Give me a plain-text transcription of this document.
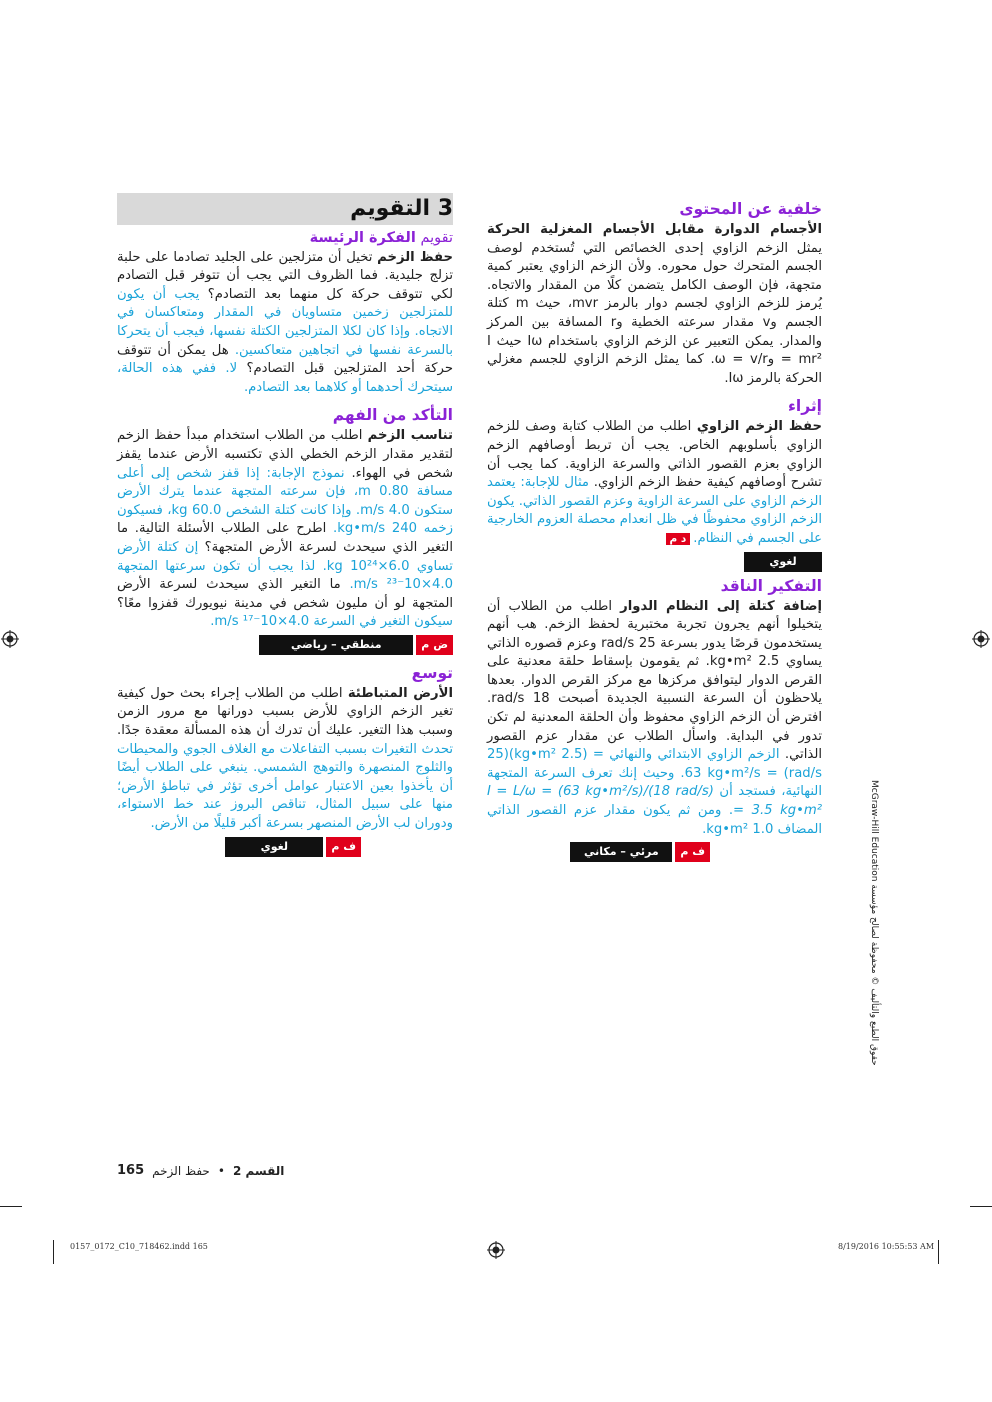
خلفية عن المحتوى

الأجسام الدوارة مقابل الأجسام المغزلية الحركة يمثل الزخم الزاوي إحدى الخصائص التي تُستخدم لوصف الجسم المتحرك حول محوره. ولأن الزخم الزاوي يعتبر كمية متجهة، فإن الوصف الكامل يتضمن كلًا من المقدار والاتجاه. يُرمز للزخم الزاوي لجسم دوار بالرمز mvr، حيث m كتلة الجسم وv مقدار سرعته الخطية وr المسافة بين المركز والمدار. يمكن التعبير عن الزخم الزاوي باستخدام Iω حيث I = mr² وω = v/r. كما يمثل الزخم الزاوي للجسم مغزلي الحركة بالرمز Iω.

إثراء

حفظ الزخم الزاوي اطلب من الطلاب كتابة وصف للزخم الزاوي بأسلوبهم الخاص. يجب أن تربط أوصافهم الزخم الزاوي بعزم القصور الذاتي والسرعة الزاوية. كما يجب أن تشرح أوصافهم كيفية حفظ الزخم الزاوي. مثال للإجابة: يعتمد الزخم الزاوي على السرعة الزاوية وعزم القصور الذاتي. يكون الزخم الزاوي محفوظًا في ظل انعدام محصلة العزوم الخارجية على الجسم في النظام.د م

لغوي
التفكير الناقد

إضافة كتلة إلى النظام الدوار اطلب من الطلاب أن يتخيلوا أنهم يجرون تجربة مختبرية لحفظ الزخم. هب أنهم يستخدمون قرصًا يدور بسرعة 25 rad/s وعزم قصوره الذاتي يساوي 2.5 kg•m². ثم يقومون بإسقاط حلقة معدنية على القرص الدوار ليتوافق مركزها مع مركز القرص الدوار. بعدها يلاحظون أن السرعة النسبية الجديدة أصبحت 18 rad/s. افترض أن الزخم الزاوي محفوظ وأن الحلقة المعدنية لم تكن تدور في البداية. واسأل الطلاب عن مقدار عزم القصور الذاتي. الزخم الزاوي الابتدائي والنهائي = (2.5 kg•m²)(25 rad/s) = 63 kg•m²/s. وحيث إنك تعرف السرعة المتجهة النهائية، فستجد أن I = L/ω = (63 kg•m²/s)/(18 rad/s) = 3.5 kg•m². ومن ثم يكون مقدار عزم القصور الذاتي المضاف 1.0 kg•m².

ف م
مرئي – مكاني
3 التقويم
تقويم الفكرة الرئيسة

حفظ الزخم تخيل أن متزلجين على الجليد تصادما على حلبة تزلج جليدية. فما الظروف التي يجب أن تتوفر قبل التصادم لكي تتوقف حركة كل منهما بعد التصادم؟ يجب أن يكون للمتزلجين زخمين متساويان في المقدار ومتعاكسان في الاتجاه. وإذا كان لكلا المتزلجين الكتلة نفسها، فيجب أن يتحركا بالسرعة نفسها في اتجاهين متعاكسين. هل يمكن أن تتوقف حركة أحد المتزلجين قبل التصادم؟ لا. ففي هذه الحالة، سيتحرك أحدهما أو كلاهما بعد التصادم.

التأكد من الفهم

تناسب الزخم اطلب من الطلاب استخدام مبدأ حفظ الزخم لتقدير مقدار الزخم الخطي الذي تكتسبه الأرض عندما يقفز شخص في الهواء. نموذج الإجابة: إذا قفز شخص إلى أعلى مسافة 0.80 m، فإن سرعته المتجهة عندما يترك الأرض ستكون 4.0 m/s. وإذا كانت كتلة الشخص 60.0 kg، فسيكون زخمه 240 kg•m/s. اطرح على الطلاب الأسئلة التالية. ما التغير الذي سيحدث لسرعة الأرض المتجهة؟ إن كتلة الأرض تساوي 6.0×10²⁴ kg. لذا يجب أن تكون سرعتها المتجهة 4.0×10⁻²³ m/s. ما التغير الذي سيحدث لسرعة الأرض المتجهة لو أن مليون شخص في مدينة نيويورك قفزوا معًا؟ سيكون التغير في السرعة 4.0×10⁻¹⁷ m/s.

ض م
منطقي – رياضي
توسع

الأرض المتباطئة اطلب من الطلاب إجراء بحث حول كيفية تغير الزخم الزاوي للأرض بسبب دورانها مع مرور الزمن وسبب هذا التغير. عليك أن تدرك أن هذه المسألة معقدة جدًا. تحدث التغيرات بسبب التفاعلات مع الغلاف الجوي والمحيطات والثلوج المنصهرة والتوهج الشمسي. ينبغي على الطلاب أيضًا أن يأخذوا بعين الاعتبار عوامل أخرى تؤثر في تباطؤ الأرض؛ منها على سبيل المثال، تناقص البروز عند خط الاستواء، ودوران لب الأرض المنصهر بسرعة أكبر قليلًا من الأرض.

ف م
لغوي	حقوق الطبع والتأليف © محفوظة لصالح مؤسسة McGraw-Hill Education
165 حفظ الزخم • القسم 2
0157_0172_C10_718462.indd 165	8/19/2016 10:55:53 AM
